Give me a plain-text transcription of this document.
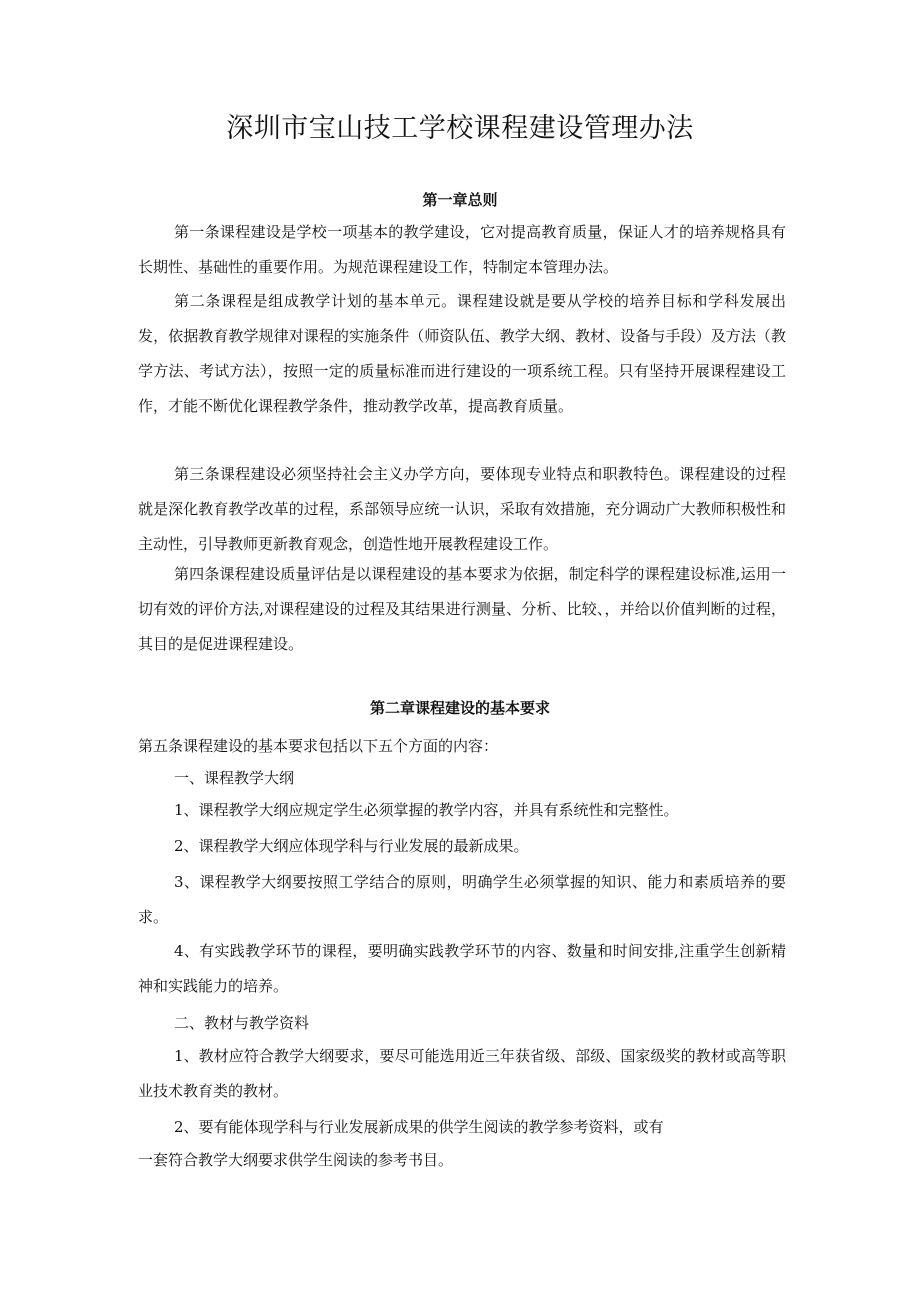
深圳市宝山技工学校课程建设管理办法
第一章总则

第一条课程建设是学校一项基本的教学建设，它对提高教育质量，保证人才的培养规格具有长期性、基础性的重要作用。为规范课程建设工作，特制定本管理办法。

第二条课程是组成教学计划的基本单元。课程建设就是要从学校的培养目标和学科发展出发，依据教育教学规律对课程的实施条件（师资队伍、教学大纲、教材、设备与手段）及方法（教学方法、考试方法），按照一定的质量标准而进行建设的一项系统工程。只有坚持开展课程建设工作，才能不断优化课程教学条件，推动教学改革，提高教育质量。

第三条课程建设必须坚持社会主义办学方向，要体现专业特点和职教特色。课程建设的过程就是深化教育教学改革的过程，系部领导应统一认识，采取有效措施，充分调动广大教师积极性和主动性，引导教师更新教育观念，创造性地开展教程建设工作。

第四条课程建设质量评估是以课程建设的基本要求为依据，制定科学的课程建设标准,运用一切有效的评价方法,对课程建设的过程及其结果进行测量、分析、比较、，并给以价值判断的过程，其目的是促进课程建设。

第二章课程建设的基本要求

第五条课程建设的基本要求包括以下五个方面的内容：

一、课程教学大纲

1、课程教学大纲应规定学生必须掌握的教学内容，并具有系统性和完整性。

2、课程教学大纲应体现学科与行业发展的最新成果。

3、课程教学大纲要按照工学结合的原则，明确学生必须掌握的知识、能力和素质培养的要求。

4、有实践教学环节的课程，要明确实践教学环节的内容、数量和时间安排,注重学生创新精神和实践能力的培养。

二、教材与教学资料

1、教材应符合教学大纲要求，要尽可能选用近三年获省级、部级、国家级奖的教材或高等职业技术教育类的教材。

2、要有能体现学科与行业发展新成果的供学生阅读的教学参考资料，或有

一套符合教学大纲要求供学生阅读的参考书目。
